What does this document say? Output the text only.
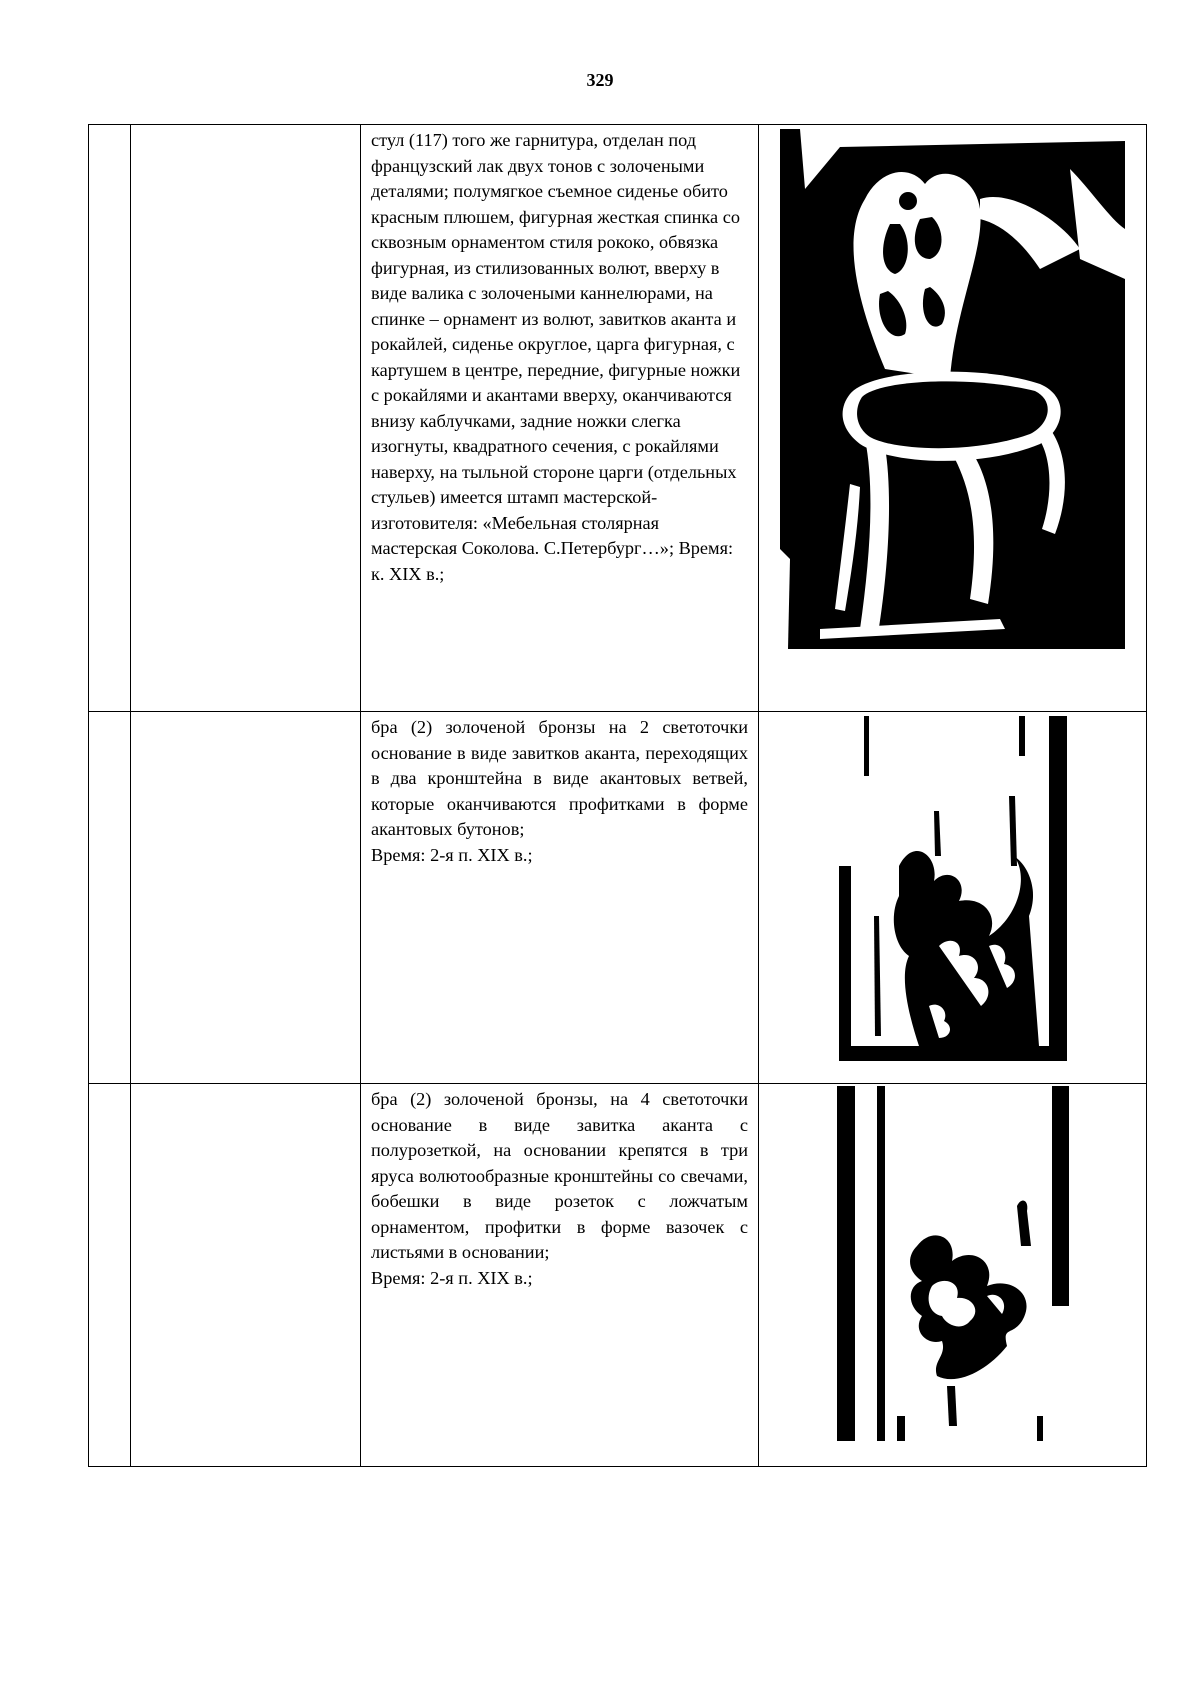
329

		стул (117) того же гарнитура, отделан под французский лак двух тонов с золочеными деталями; полумягкое съемное сиденье обито красным плюшем, фигурная жесткая спинка со сквозным орнаментом стиля рококо, обвязка фигурная, из стилизованных волют, вверху в виде валика с золочеными каннелюрами, на спинке – орнамент из волют, завитков аканта и рокайлей, сиденье округлое, царга фигурная, с картушем в центре, передние, фигурные ножки с рокайлями и акантами вверху, оканчиваются внизу каблучками, задние ножки слегка изогнуты, квадратного сечения, с рокайлями наверху, на тыльной стороне царги (отдельных стульев) имеется штамп мастерской-изготовителя: «Мебельная столярная мастерская Соколова. С.Петербург…»; Время: к. XIX в.;

		бра (2) золоченой бронзы на 2 светоточки основание в виде завитков аканта, переходящих в два кронштейна в виде акантовых ветвей, которые оканчиваются профитками в форме акантовых бутонов;

Время: 2-я п. XIX в.;

		бра (2) золоченой бронзы, на 4 светоточки основание в виде завитка аканта с полурозеткой, на основании крепятся в три яруса волютообразные кронштейны со свечами, бобешки в виде розеток с ложчатым орнаментом, профитки в форме вазочек с листьями в основании;

Время: 2-я п. XIX в.;
